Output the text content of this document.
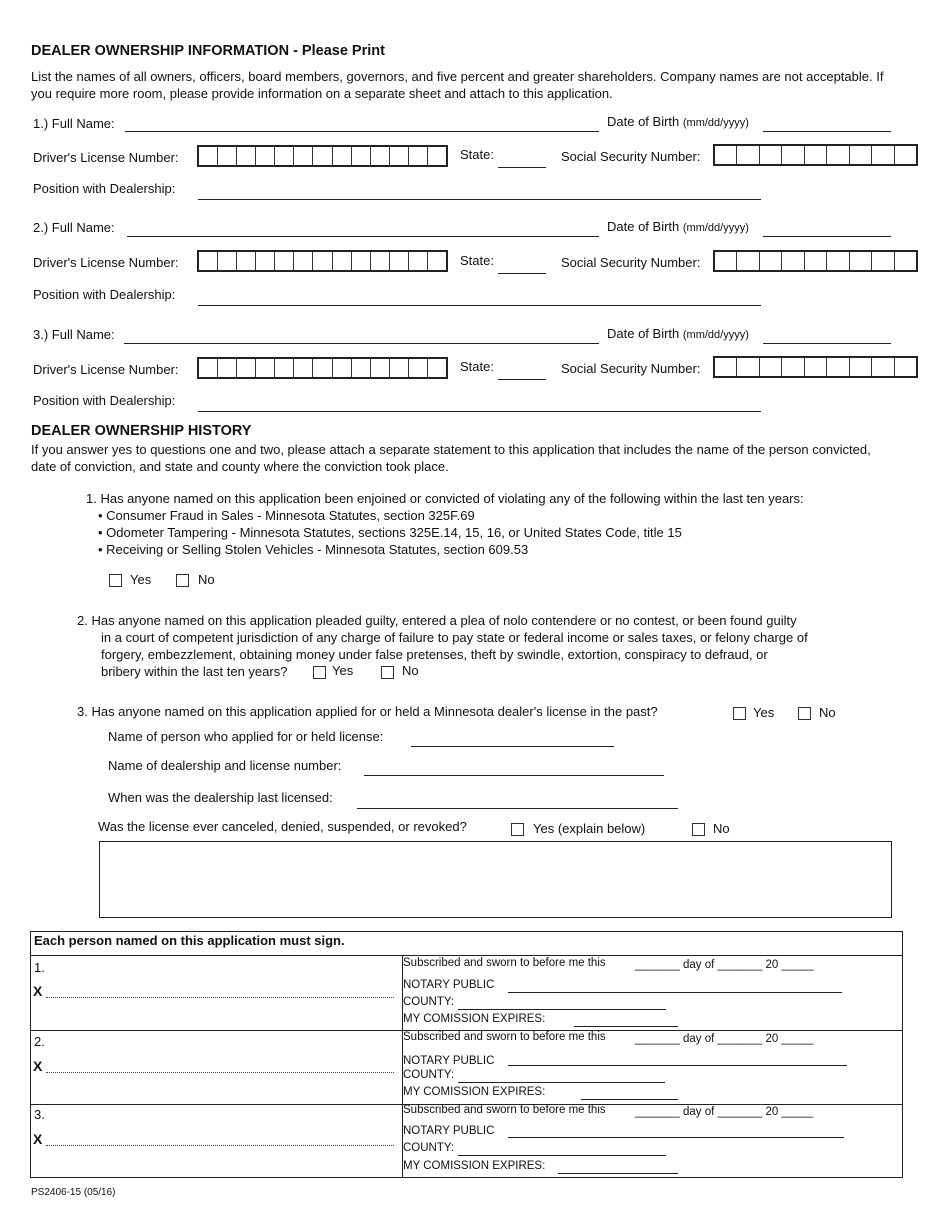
DEALER OWNERSHIP INFORMATION - Please Print
List the names of all owners, officers, board members, governors, and five percent and greater shareholders. Company names are not acceptable. If you require more room, please provide information on a separate sheet and attach to this application.
1.) Full Name:	Date of Birth (mm/dd/yyyy)
Driver's License Number:	State:	Social Security Number:
Position with Dealership:
2.) Full Name:	Date of Birth (mm/dd/yyyy)
Driver's License Number:	State:	Social Security Number:
Position with Dealership:
3.) Full Name:	Date of Birth (mm/dd/yyyy)
Driver's License Number:	State:	Social Security Number:
Position with Dealership:
DEALER OWNERSHIP HISTORY
If you answer yes to questions one and two, please attach a separate statement to this application that includes the name of the person convicted, date of conviction, and state and county where the conviction took place.
1. Has anyone named on this application been enjoined or convicted of violating any of the following within the last ten years:
• Consumer Fraud in Sales - Minnesota Statutes, section 325F.69
• Odometer Tampering - Minnesota Statutes, sections 325E.14, 15, 16, or United States Code, title 15
• Receiving or Selling Stolen Vehicles - Minnesota Statutes, section 609.53
Yes	No
2. Has anyone named on this application pleaded guilty, entered a plea of nolo contendere or no contest, or been found guilty
in a court of competent jurisdiction of any charge of failure to pay state or federal income or sales taxes, or felony charge of
forgery, embezzlement, obtaining money under false pretenses, theft by swindle, extortion, conspiracy to defraud, or
bribery within the last ten years?	Yes	No
3. Has anyone named on this application applied for or held a Minnesota dealer's license in the past?	Yes	No
Name of person who applied for or held license:
Name of dealership and license number:
When was the dealership last licensed:
Was the license ever canceled, denied, suspended, or revoked?	Yes (explain below)	No
Each person named on this application must sign.
1.
X
Subscribed and sworn to before me this	_______ day of _______ 20 _____
NOTARY PUBLIC
COUNTY:
MY COMISSION EXPIRES:
2.
X
Subscribed and sworn to before me this	_______ day of _______ 20 _____
NOTARY PUBLIC
COUNTY:
MY COMISSION EXPIRES:
3.
X
Subscribed and sworn to before me this	_______ day of _______ 20 _____
NOTARY PUBLIC
COUNTY:
MY COMISSION EXPIRES:
PS2406-15 (05/16)
